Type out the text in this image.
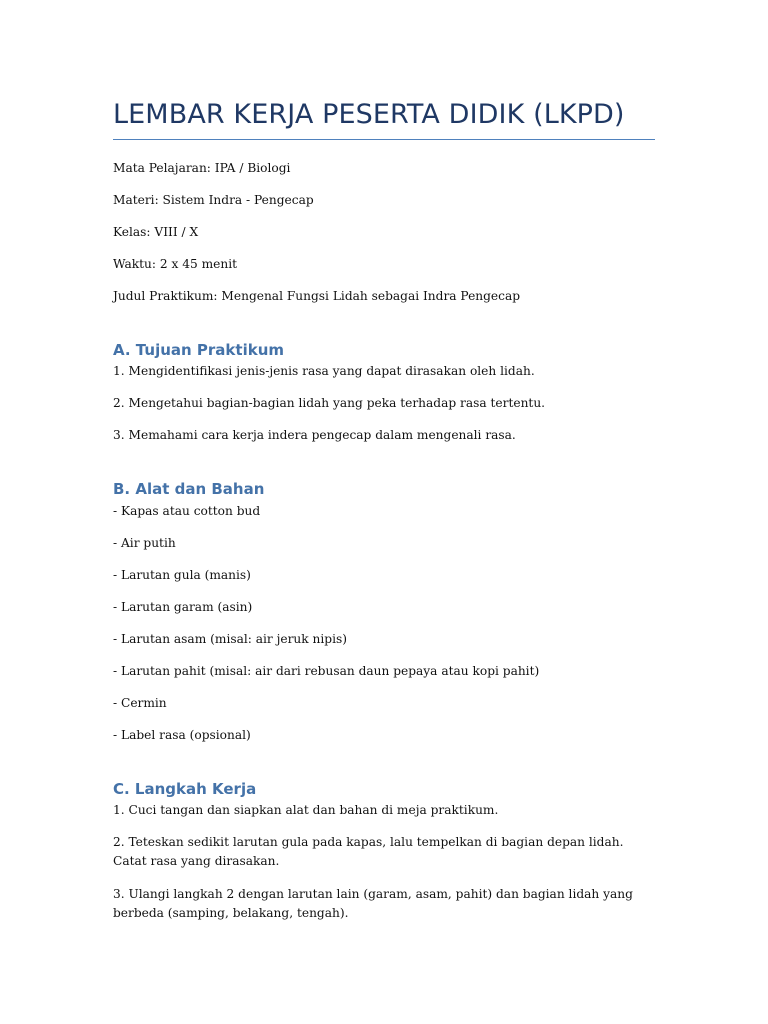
LEMBAR KERJA PESERTA DIDIK (LKPD)

Mata Pelajaran: IPA / Biologi

Materi: Sistem Indra - Pengecap

Kelas: VIII / X

Waktu: 2 x 45 menit

Judul Praktikum: Mengenal Fungsi Lidah sebagai Indra Pengecap

A. Tujuan Praktikum

1. Mengidentifikasi jenis-jenis rasa yang dapat dirasakan oleh lidah.

2. Mengetahui bagian-bagian lidah yang peka terhadap rasa tertentu.

3. Memahami cara kerja indera pengecap dalam mengenali rasa.

B. Alat dan Bahan

- Kapas atau cotton bud

- Air putih

- Larutan gula (manis)

- Larutan garam (asin)

- Larutan asam (misal: air jeruk nipis)

- Larutan pahit (misal: air dari rebusan daun pepaya atau kopi pahit)

- Cermin

- Label rasa (opsional)

C. Langkah Kerja

1. Cuci tangan dan siapkan alat dan bahan di meja praktikum.

2. Teteskan sedikit larutan gula pada kapas, lalu tempelkan di bagian depan lidah. Catat rasa yang dirasakan.

3. Ulangi langkah 2 dengan larutan lain (garam, asam, pahit) dan bagian lidah yang berbeda (samping, belakang, tengah).
